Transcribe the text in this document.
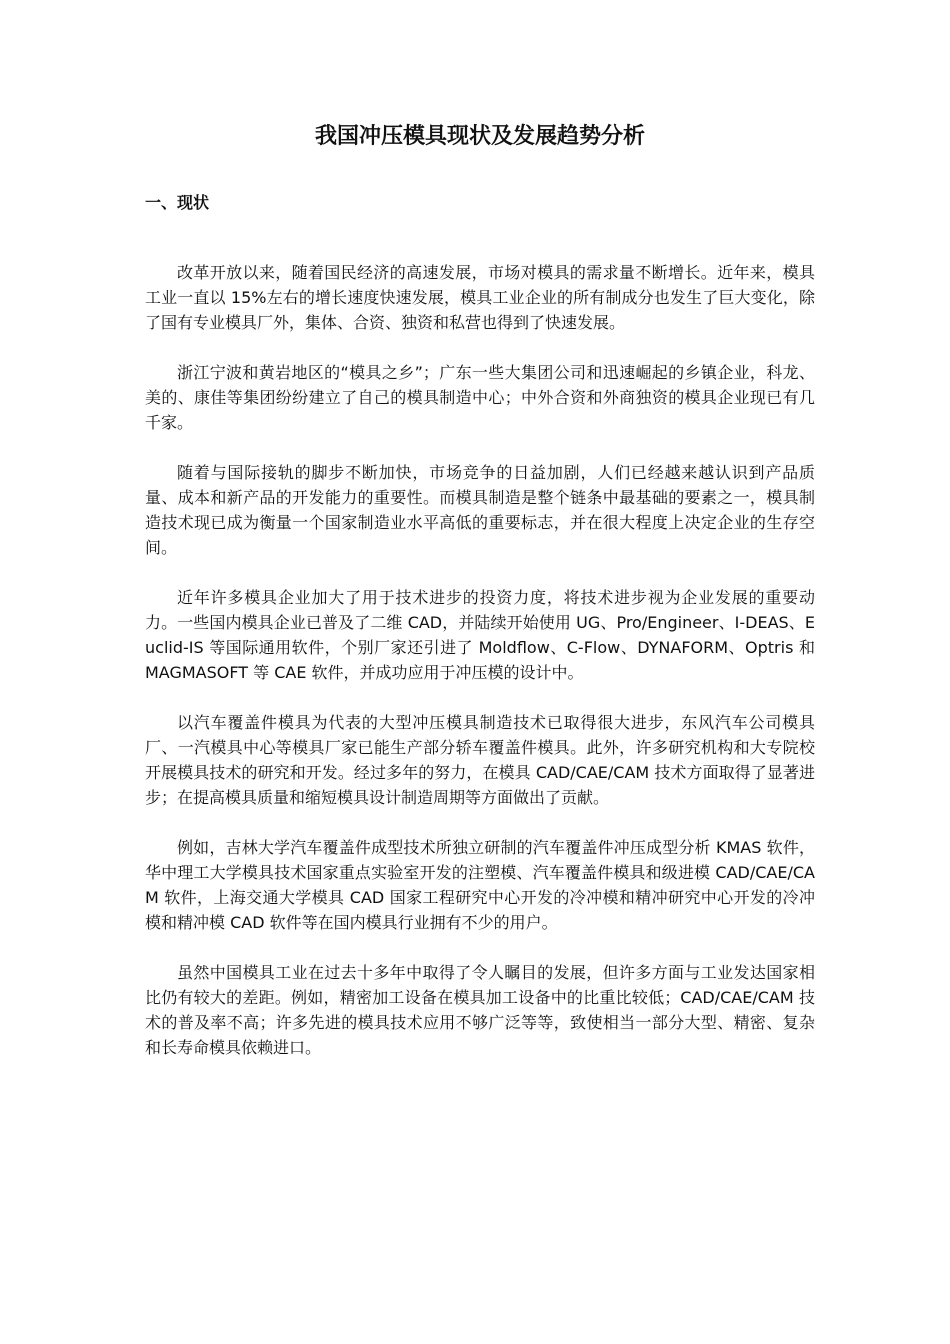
我国冲压模具现状及发展趋势分析
一、现状

改革开放以来，随着国民经济的高速发展，市场对模具的需求量不断增长。近年来，模具工业一直以 15%左右的增长速度快速发展，模具工业企业的所有制成分也发生了巨大变化，除了国有专业模具厂外，集体、合资、独资和私营也得到了快速发展。

浙江宁波和黄岩地区的“模具之乡”；广东一些大集团公司和迅速崛起的乡镇企业，科龙、美的、康佳等集团纷纷建立了自己的模具制造中心；中外合资和外商独资的模具企业现已有几千家。

随着与国际接轨的脚步不断加快，市场竞争的日益加剧，人们已经越来越认识到产品质量、成本和新产品的开发能力的重要性。而模具制造是整个链条中最基础的要素之一，模具制造技术现已成为衡量一个国家制造业水平高低的重要标志，并在很大程度上决定企业的生存空间。

近年许多模具企业加大了用于技术进步的投资力度，将技术进步视为企业发展的重要动力。一些国内模具企业已普及了二维 CAD，并陆续开始使用 UG、Pro/Engineer、I-DEAS、Euclid-IS 等国际通用软件，个别厂家还引进了 Moldflow、C-Flow、DYNAFORM、Optris 和 MAGMASOFT 等 CAE 软件，并成功应用于冲压模的设计中。

以汽车覆盖件模具为代表的大型冲压模具制造技术已取得很大进步，东风汽车公司模具厂、一汽模具中心等模具厂家已能生产部分轿车覆盖件模具。此外，许多研究机构和大专院校开展模具技术的研究和开发。经过多年的努力，在模具 CAD/CAE/CAM 技术方面取得了显著进步；在提高模具质量和缩短模具设计制造周期等方面做出了贡献。

例如，吉林大学汽车覆盖件成型技术所独立研制的汽车覆盖件冲压成型分析 KMAS 软件，华中理工大学模具技术国家重点实验室开发的注塑模、汽车覆盖件模具和级进模 CAD/CAE/CAM 软件，上海交通大学模具 CAD 国家工程研究中心开发的冷冲模和精冲研究中心开发的冷冲模和精冲模 CAD 软件等在国内模具行业拥有不少的用户。

虽然中国模具工业在过去十多年中取得了令人瞩目的发展，但许多方面与工业发达国家相比仍有较大的差距。例如，精密加工设备在模具加工设备中的比重比较低；CAD/CAE/CAM 技术的普及率不高；许多先进的模具技术应用不够广泛等等，致使相当一部分大型、精密、复杂和长寿命模具依赖进口。
